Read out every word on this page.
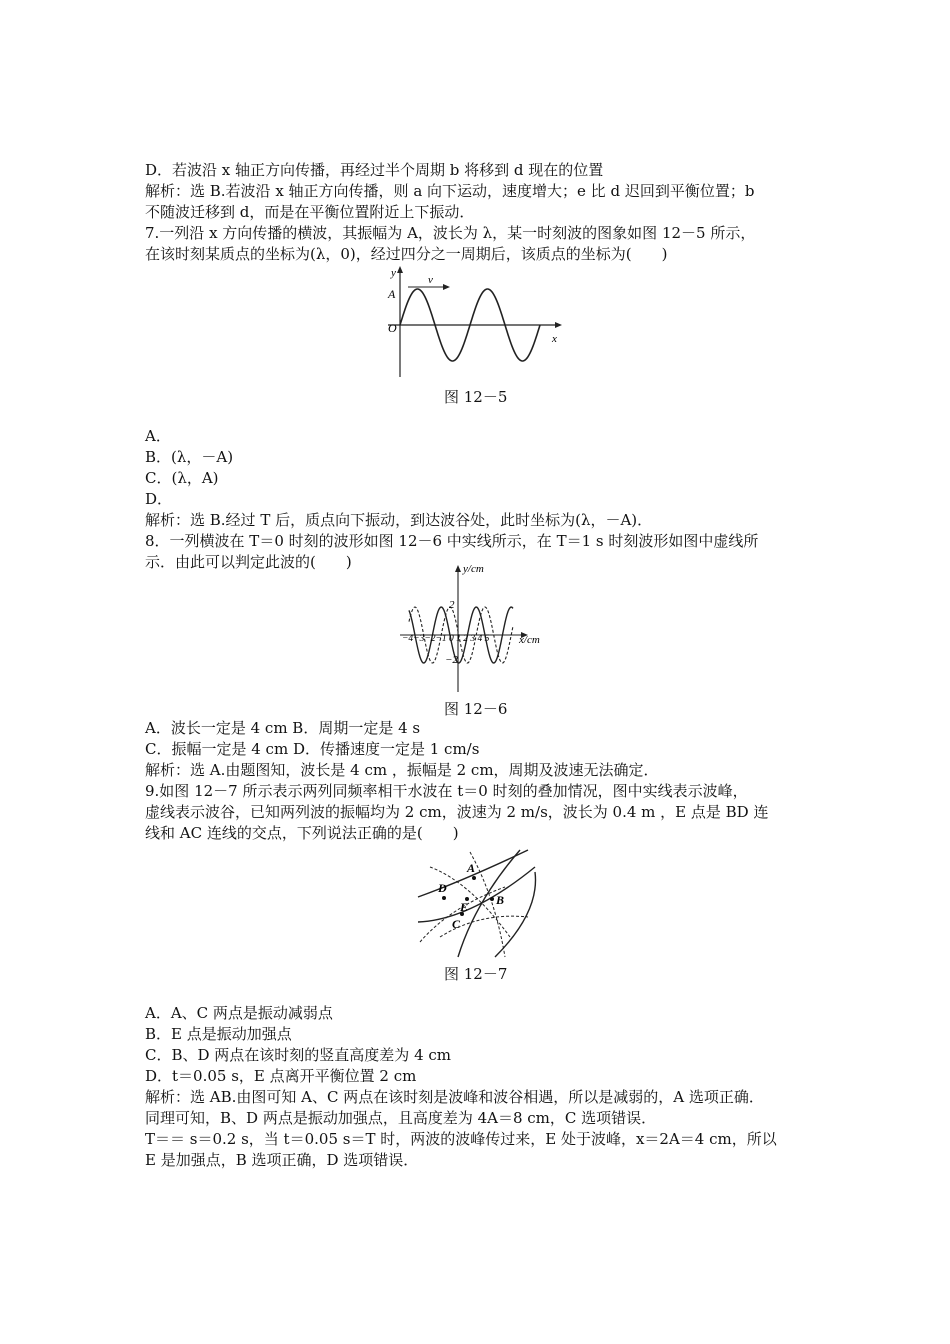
D．若波沿 x 轴正方向传播，再经过半个周期 b 将移到 d 现在的位置
解析：选 B.若波沿 x 轴正方向传播，则 a 向下运动，速度增大；e 比 d 迟回到平衡位置；b
不随波迁移到 d，而是在平衡位置附近上下振动．
7.一列沿 x 方向传播的横波，其振幅为 A，波长为 λ，某一时刻波的图象如图 12－5 所示，
在该时刻某质点的坐标为(λ，0)，经过四分之一周期后，该质点的坐标为(　　)
y
A
O
x
v
图 12－5
A．
B．(λ，－A)
C．(λ，A)
D．
解析：选 B.经过 T 后，质点向下振动，到达波谷处，此时坐标为(λ，－A)．
8．一列横波在 T＝0 时刻的波形如图 12－6 中实线所示，在 T＝1 s 时刻波形如图中虚线所
示．由此可以判定此波的(　　)	y/cm
x/cm
2
−2
−4−3−2−1 0 1 2 3 4 5
图 12－6
A．波长一定是 4 cm B．周期一定是 4 s
C．振幅一定是 4 cm D．传播速度一定是 1 cm/s
解析：选 A.由题图知，波长是 4 cm ，振幅是 2 cm，周期及波速无法确定．
9.如图 12－7 所示表示两列同频率相干水波在 t＝0 时刻的叠加情况，图中实线表示波峰，
虚线表示波谷，已知两列波的振幅均为 2 cm，波速为 2 m/s，波长为 0.4 m ，E 点是 BD 连
线和 AC 连线的交点，下列说法正确的是(　　)
A
B
C
D
E
图 12－7
A．A、C 两点是振动减弱点
B．E 点是振动加强点
C．B、D 两点在该时刻的竖直高度差为 4 cm
D．t＝0.05 s，E 点离开平衡位置 2 cm
解析：选 AB.由图可知 A、C 两点在该时刻是波峰和波谷相遇，所以是减弱的，A 选项正确．
同理可知，B、D 两点是振动加强点，且高度差为 4A＝8 cm，C 选项错误．
T＝＝ s＝0.2 s，当 t＝0.05 s＝T 时，两波的波峰传过来，E 处于波峰，x＝2A＝4 cm，所以
E 是加强点，B 选项正确，D 选项错误．
